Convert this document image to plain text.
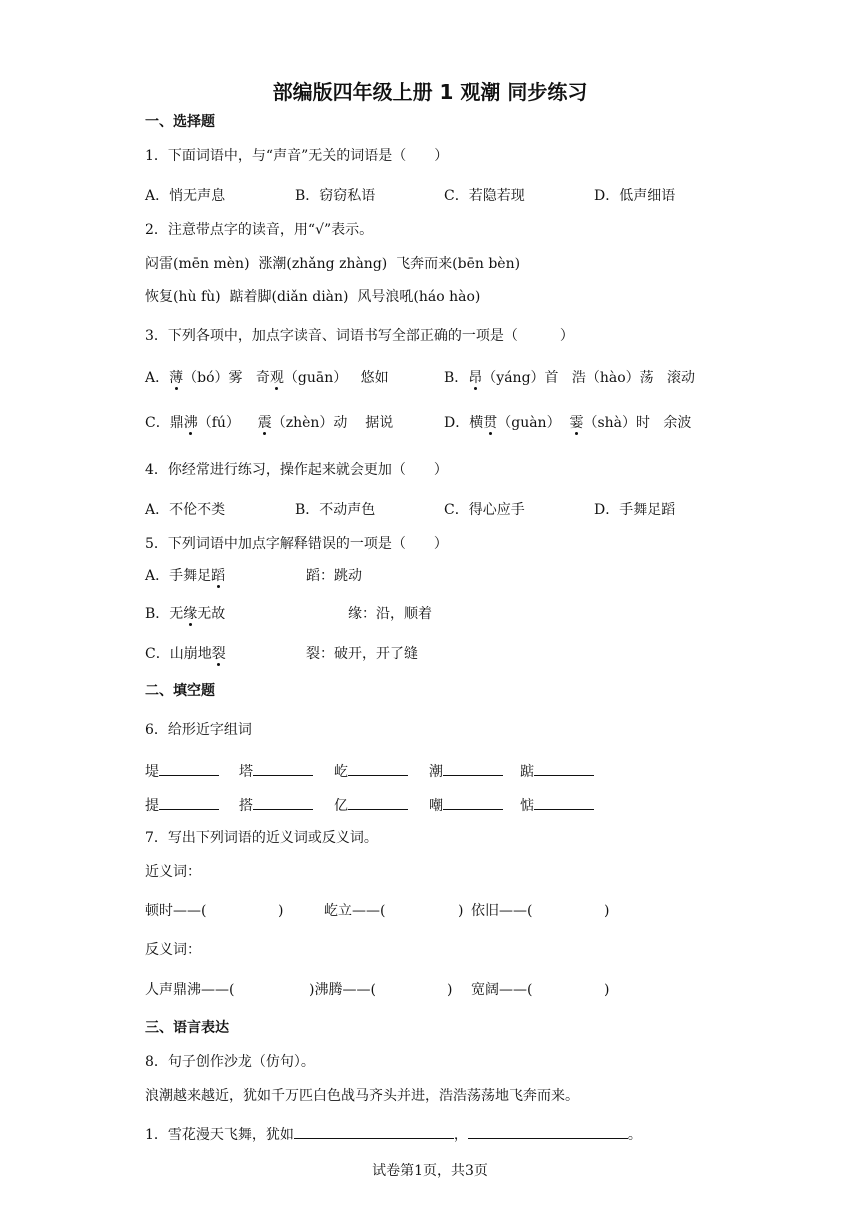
部编版四年级上册 1 观潮 同步练习
一、选择题
1．下面词语中，与“声音”无关的词语是（　　）
A．悄无声息	B．窃窃私语	C．若隐若现	D．低声细语
2．注意带点字的读音，用“√”表示。
闷雷(mēn mèn) 涨潮(zhǎng zhàng) 飞奔而来(bēn bèn)
恢复(hù fù) 踮着脚(diǎn diàn) 风号浪吼(háo hào)
3．下列各项中，加点字读音、词语书写全部正确的一项是（　　　）
A．薄（bó）雾 奇观（guān） 悠如	B．昂（yáng）首 浩（hào）荡 滚动
C．鼎沸（fú） 震（zhèn）动 据说	D．横贯（guàn） 霎（shà）时 余波
4．你经常进行练习，操作起来就会更加（　　）
A．不伦不类	B．不动声色	C．得心应手	D．手舞足蹈
5．下列词语中加点字解释错误的一项是（　　）
A．手舞足蹈	蹈：跳动
B．无缘无故	缘：沿，顺着
C．山崩地裂	裂：破开，开了缝
二、填空题
6．给形近字组词
堤	塔	屹	潮	踮
提	搭	亿	嘲	惦
7．写出下列词语的近义词或反义词。
近义词：
顿时——(	)	屹立——(	) 依旧——(	)
反义词：
人声鼎沸——(	)沸腾——(	) 宽阔——(	)
三、语言表达
8．句子创作沙龙（仿句）。
浪潮越来越近，犹如千万匹白色战马齐头并进，浩浩荡荡地飞奔而来。
1．雪花漫天飞舞，犹如	，	。
试卷第1页，共3页
